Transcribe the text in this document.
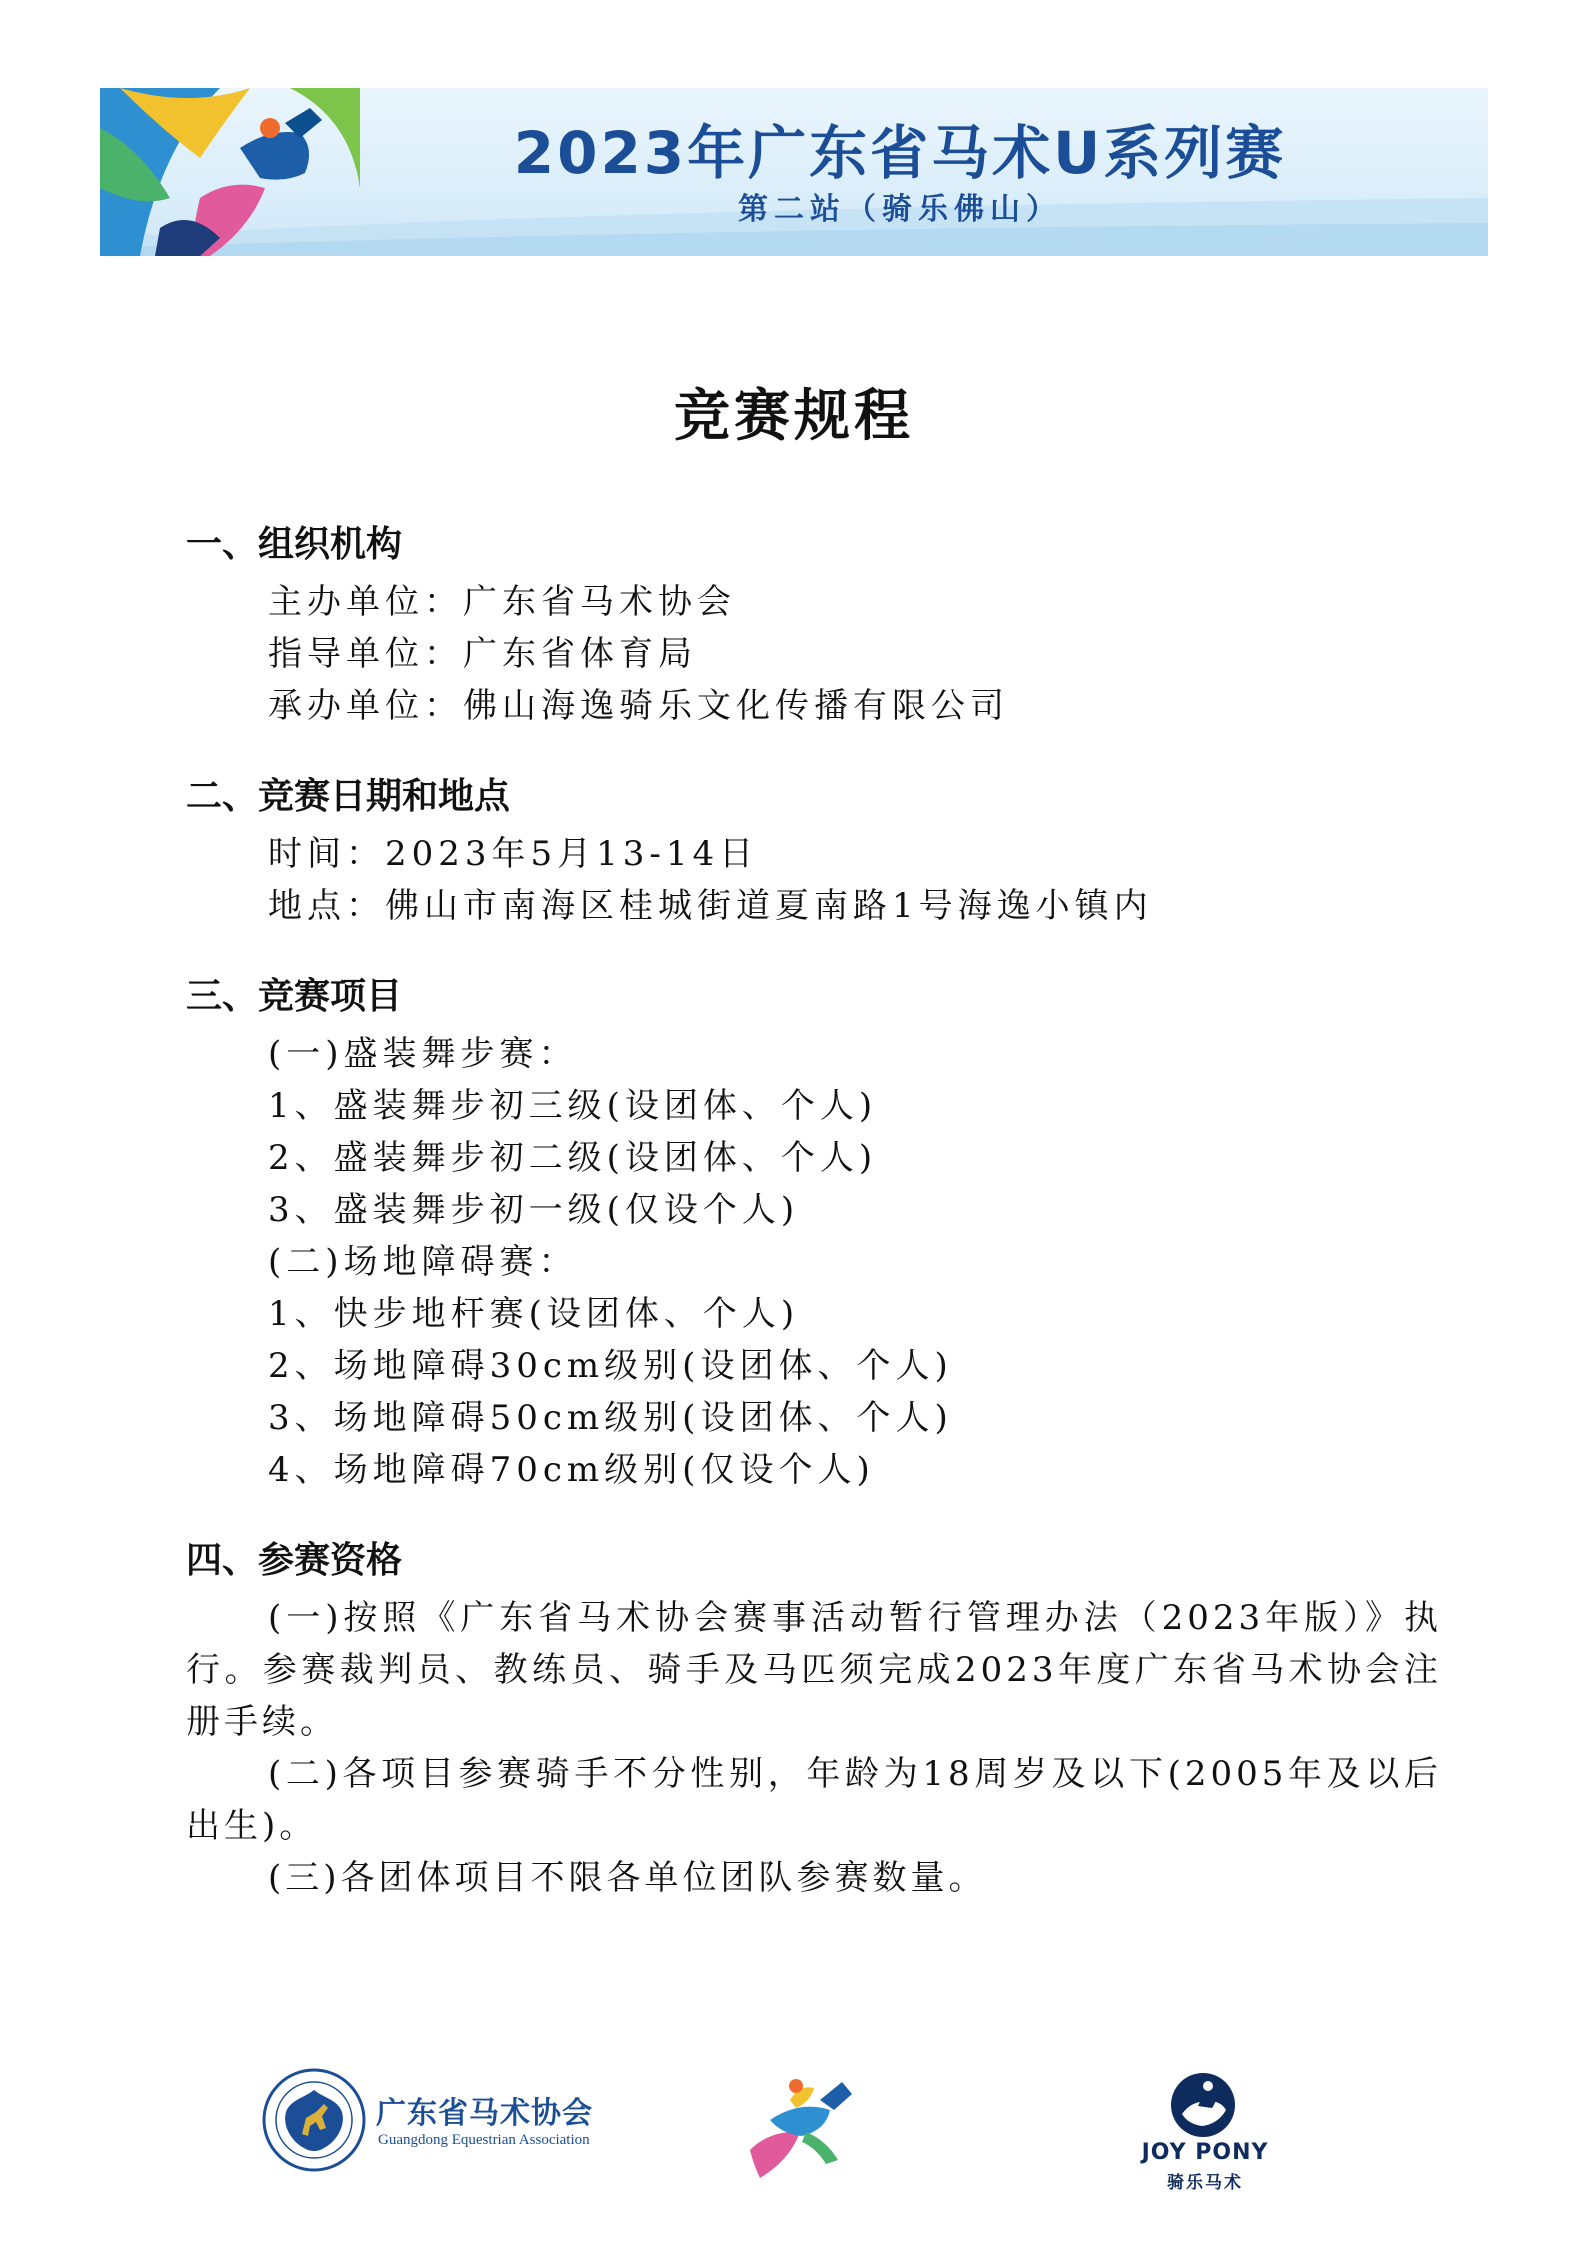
2023年广东省马术U系列赛
第二站（骑乐佛山）
竞赛规程
一、组织机构
主办单位：广东省马术协会
指导单位：广东省体育局
承办单位：佛山海逸骑乐文化传播有限公司
二、竞赛日期和地点
时间：2023年5月13-14日
地点：佛山市南海区桂城街道夏南路1号海逸小镇内
三、竞赛项目
(一)盛装舞步赛：
1、盛装舞步初三级(设团体、个人)
2、盛装舞步初二级(设团体、个人)
3、盛装舞步初一级(仅设个人)
(二)场地障碍赛：
1、快步地杆赛(设团体、个人)
2、场地障碍30cm级别(设团体、个人)
3、场地障碍50cm级别(设团体、个人)
4、场地障碍70cm级别(仅设个人)
四、参赛资格
(一)按照《广东省马术协会赛事活动暂行管理办法（2023年版）》执行。参赛裁判员、教练员、骑手及马匹须完成2023年度广东省马术协会注册手续。
(二)各项目参赛骑手不分性别，年龄为18周岁及以下(2005年及以后出生)。
(三)各团体项目不限各单位团队参赛数量。
广东省马术协会
Guangdong Equestrian Association	JOY PONY
骑乐马术
